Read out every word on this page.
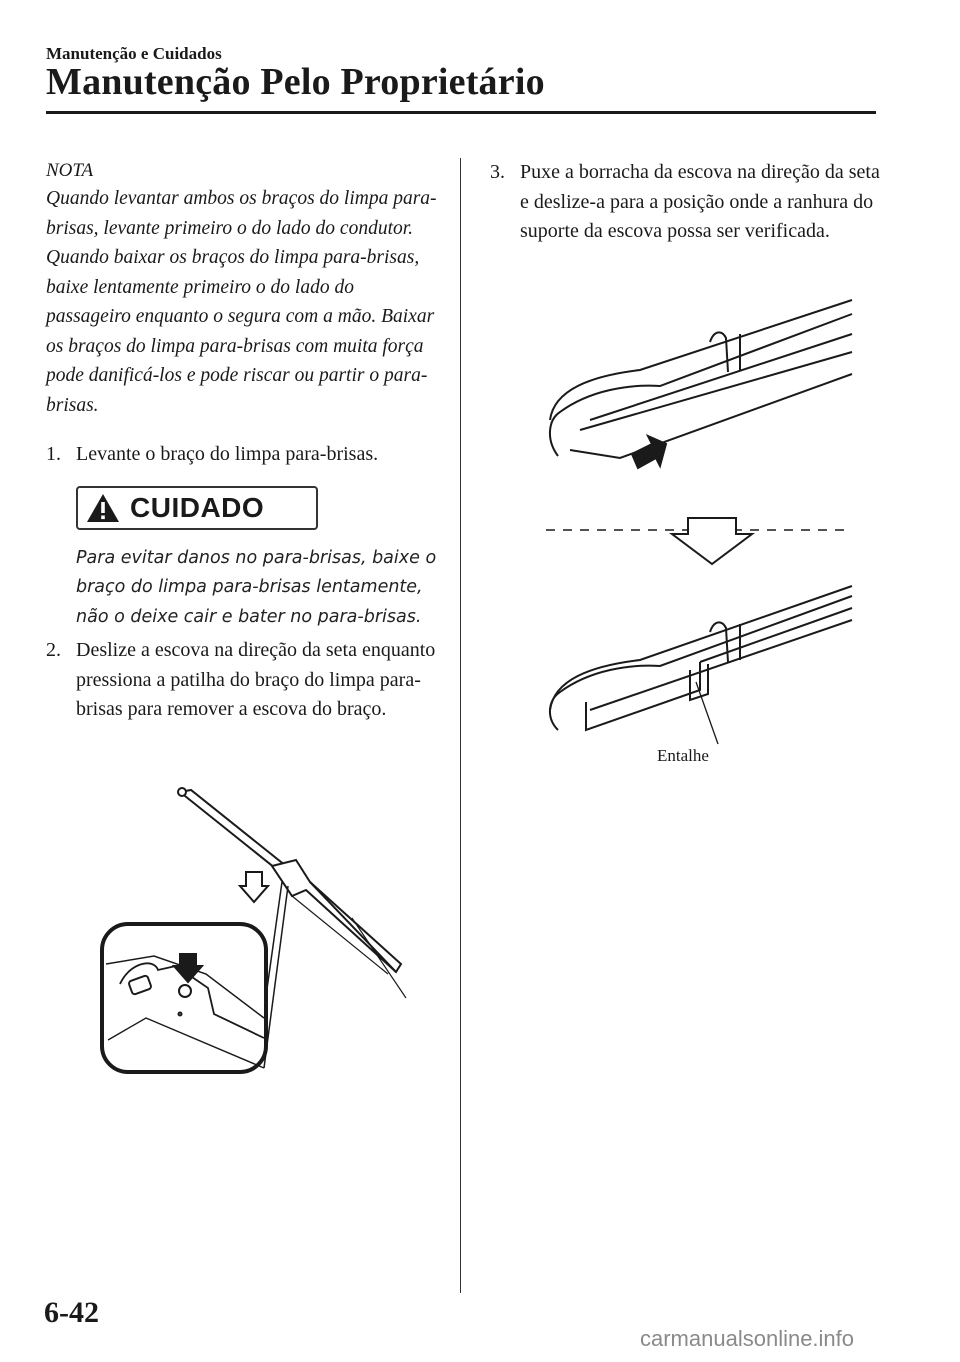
Manutenção e Cuidados
Manutenção Pelo Proprietário

NOTA

Quando levantar ambos os braços do limpa para-brisas, levante primeiro o do lado do condutor. Quando baixar os braços do limpa para-brisas, baixe lentamente primeiro o do lado do passageiro enquanto o segura com a mão. Baixar os braços do limpa para-brisas com muita força pode danificá-los e pode riscar ou partir o para-brisas.

1. Levante o braço do limpa para-brisas.
CUIDADO
Para evitar danos no para-brisas, baixe o braço do limpa para-brisas lentamente, não o deixe cair e bater no para-brisas.
2. Deslize a escova na direção da seta enquanto pressiona a patilha do braço do limpa para-brisas para remover a escova do braço.
3. Puxe a borracha da escova na direção da seta e deslize-a para a posição onde a ranhura do suporte da escova possa ser verificada.
Entalhe
6-42
carmanualsonline.info
